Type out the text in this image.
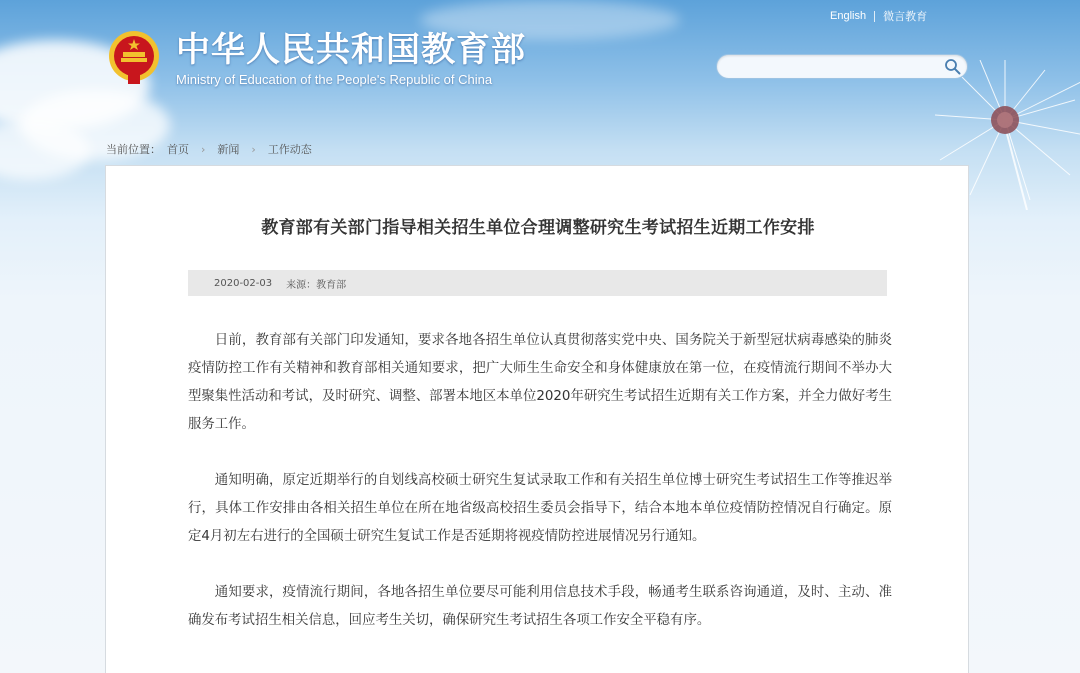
中华人民共和国教育部
Ministry of Education of the People's Republic of China
English 微言教育
当前位置： 首页 › 新闻 › 工作动态
教育部有关部门指导相关招生单位合理调整研究生考试招生近期工作安排
2020-02-03 来源：教育部

日前，教育部有关部门印发通知，要求各地各招生单位认真贯彻落实党中央、国务院关于新型冠状病毒感染的肺炎疫情防控工作有关精神和教育部相关通知要求，把广大师生生命安全和身体健康放在第一位，在疫情流行期间不举办大型聚集性活动和考试，及时研究、调整、部署本地区本单位2020年研究生考试招生近期有关工作方案，并全力做好考生服务工作。

通知明确，原定近期举行的自划线高校硕士研究生复试录取工作和有关招生单位博士研究生考试招生工作等推迟举行，具体工作安排由各相关招生单位在所在地省级高校招生委员会指导下，结合本地本单位疫情防控情况自行确定。原定4月初左右进行的全国硕士研究生复试工作是否延期将视疫情防控进展情况另行通知。

通知要求，疫情流行期间，各地各招生单位要尽可能利用信息技术手段，畅通考生联系咨询通道，及时、主动、准确发布考试招生相关信息，回应考生关切，确保研究生考试招生各项工作安全平稳有序。
